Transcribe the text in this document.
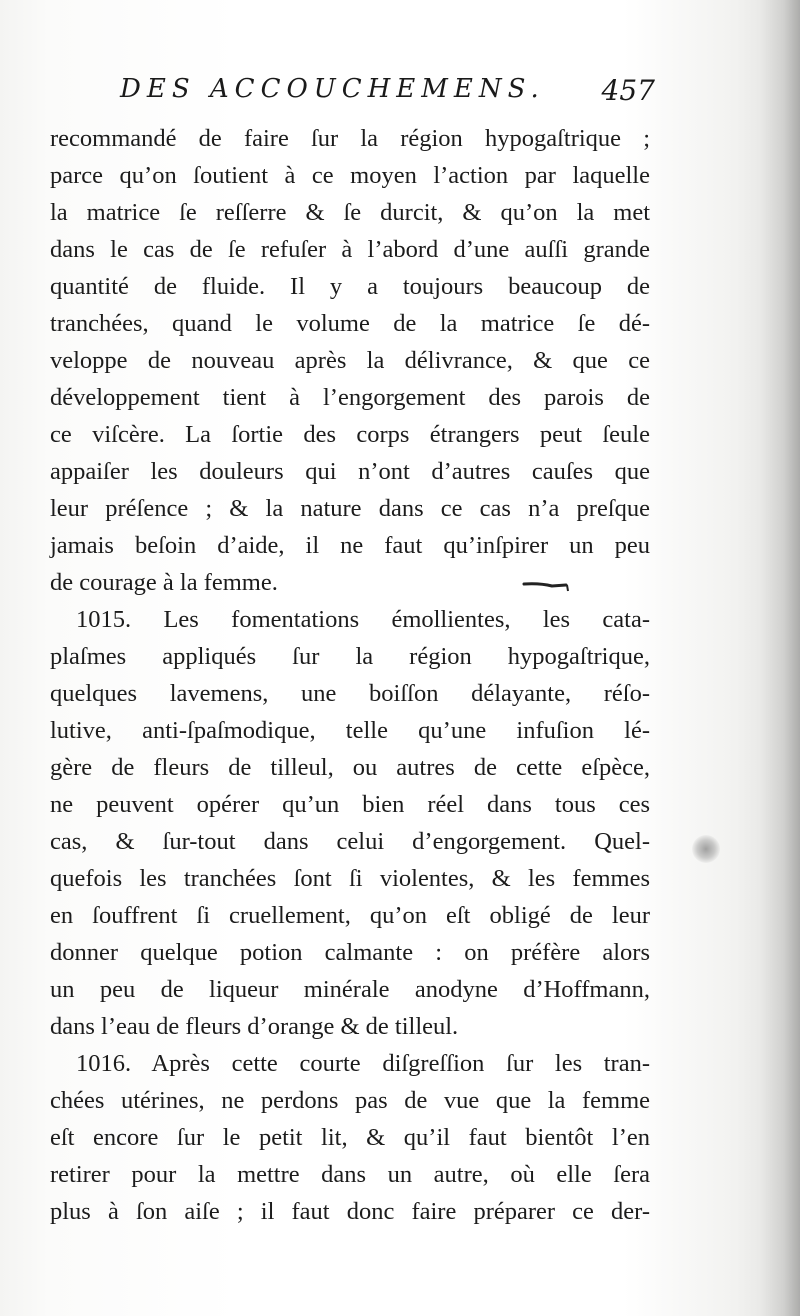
DES ACCOUCHEMENS. 457
recommandé de faire ſur la région hypogaſtrique ;
parce qu’on ſoutient à ce moyen l’action par laquelle
la matrice ſe reſſerre & ſe durcit, & qu’on la met
dans le cas de ſe refuſer à l’abord d’une auſſi grande
quantité de fluide. Il y a toujours beaucoup de
tranchées, quand le volume de la matrice ſe dé-
veloppe de nouveau après la délivrance, & que ce
développement tient à l’engorgement des parois de
ce viſcère. La ſortie des corps étrangers peut ſeule
appaiſer les douleurs qui n’ont d’autres cauſes que
leur préſence ; & la nature dans ce cas n’a preſque
jamais beſoin d’aide, il ne faut qu’inſpirer un peu
de courage à la femme.
1015. Les fomentations émollientes, les cata-
plaſmes appliqués ſur la région hypogaſtrique,
quelques lavemens, une boiſſon délayante, réſo-
lutive, anti-ſpaſmodique, telle qu’une infuſion lé-
gère de fleurs de tilleul, ou autres de cette eſpèce,
ne peuvent opérer qu’un bien réel dans tous ces
cas, & ſur-tout dans celui d’engorgement. Quel-
quefois les tranchées ſont ſi violentes, & les femmes
en ſouffrent ſi cruellement, qu’on eſt obligé de leur
donner quelque potion calmante : on préfère alors
un peu de liqueur minérale anodyne d’Hoffmann,
dans l’eau de fleurs d’orange & de tilleul.
1016. Après cette courte diſgreſſion ſur les tran-
chées utérines, ne perdons pas de vue que la femme
eſt encore ſur le petit lit, & qu’il faut bientôt l’en
retirer pour la mettre dans un autre, où elle ſera
plus à ſon aiſe ; il faut donc faire préparer ce der-
